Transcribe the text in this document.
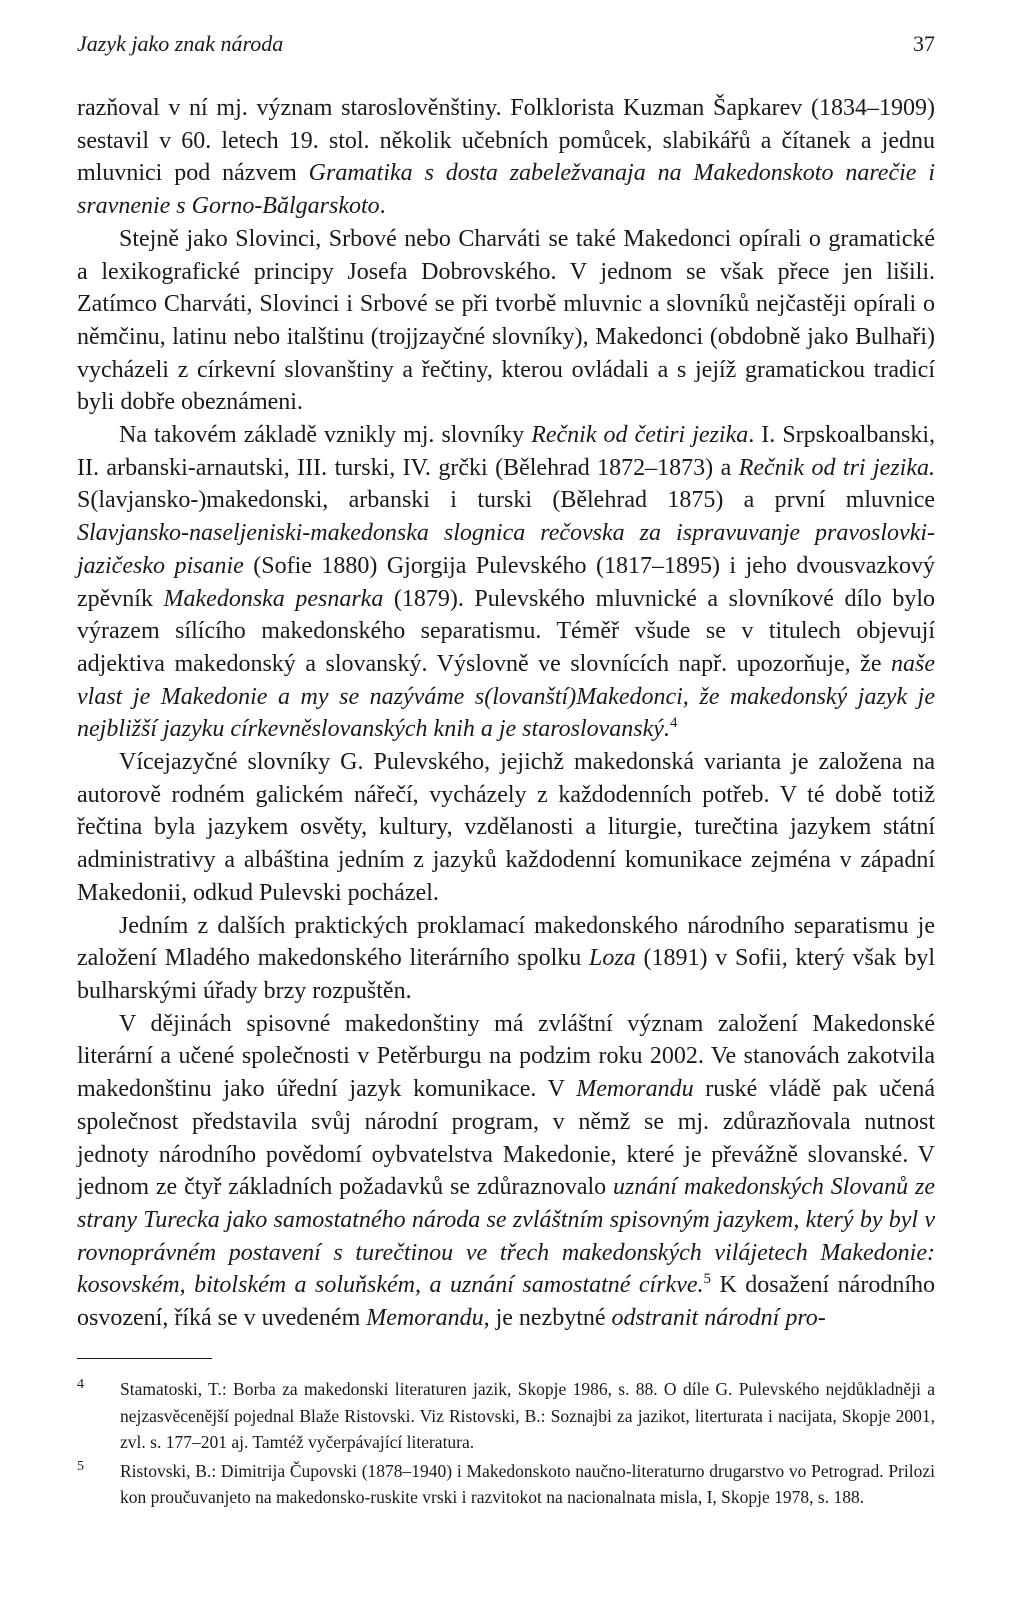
Jazyk jako znak národa	37

razňoval v ní mj. význam staroslověnštiny. Folklorista Kuzman Šapkarev (1834–1909) sestavil v 60. letech 19. stol. několik učebních pomůcek, slabikářů a čítanek a jednu mluvnici pod názvem Gramatika s dosta zabeležvanaja na Makedonskoto narečie i sravnenie s Gorno-Bălgarskoto.

Stejně jako Slovinci, Srbové nebo Charváti se také Makedonci opírali o gramatické a lexikografické principy Josefa Dobrovského. V jednom se však přece jen lišili. Zatímco Charváti, Slovinci i Srbové se při tvorbě mluvnic a slovníků nejčastěji opírali o němčinu, latinu nebo italštinu (trojjzayčné slovníky), Makedonci (obdobně jako Bulhaři) vycházeli z církevní slovanštiny a řečtiny, kterou ovládali a s jejíž gramatickou tradicí byli dobře obeznámeni.

Na takovém základě vznikly mj. slovníky Rečnik od četiri jezika. I. Srpskoalbanski, II. arbanski-arnautski, III. turski, IV. grčki (Bělehrad 1872–1873) a Rečnik od tri jezika. S(lavjansko-)makedonski, arbanski i turski (Bělehrad 1875) a první mluvnice Slavjansko-naseljeniski-makedonska slognica rečovska za ispravuvanje pravoslovki-jazičesko pisanie (Sofie 1880) Gjorgija Pulevského (1817–1895) i jeho dvousvazkový zpěvník Makedonska pesnarka (1879). Pulevského mluvnické a slovníkové dílo bylo výrazem sílícího makedonského separatismu. Téměř všude se v titulech objevují adjektiva makedonský a slovanský. Výslovně ve slovnících např. upozorňuje, že naše vlast je Makedonie a my se nazýváme s(lovanští)Makedonci, že makedonský jazyk je nejbližší jazyku církevněslovanských knih a je staroslovanský.$^4$

Vícejazyčné slovníky G. Pulevského, jejichž makedonská varianta je založena na autorově rodném galickém nářečí, vycházely z každodenních potřeb. V té době totiž řečtina byla jazykem osvěty, kultury, vzdělanosti a liturgie, turečtina jazykem státní administrativy a albáština jedním z jazyků každodenní komunikace zejména v západní Makedonii, odkud Pulevski pocházel.

Jedním z dalších praktických proklamací makedonského národního separatismu je založení Mladého makedonského literárního spolku Loza (1891) v Sofii, který však byl bulharskými úřady brzy rozpuštěn.

V dějinách spisovné makedonštiny má zvláštní význam založení Makedonské literární a učené společnosti v Petěrburgu na podzim roku 2002. Ve stanovách zakotvila makedonštinu jako úřední jazyk komunikace. V Memorandu ruské vládě pak učená společnost představila svůj národní program, v němž se mj. zdůrazňovala nutnost jednoty národního povědomí oybvatelstva Makedonie, které je převážně slovanské. V jednom ze čtyř základních požadavků se zdůraznovalo uznání makedonských Slovanů ze strany Turecka jako samostatného národa se zvláštním spisovným jazykem, který by byl v rovnoprávném postavení s turečtinou ve třech makedonských vilájetech Makedonie: kosovském, bitolském a soluňském, a uznání samostatné církve.$^5$ K dosažení národního osvození, říká se v uvedeném Memorandu, je nezbytné odstranit národní pro-

4	Stamatoski, T.: Borba za makedonski literaturen jazik, Skopje 1986, s. 88. O díle G. Pulevského nejdůkladněji a nejzasvěcenější pojednal Blaže Ristovski. Viz Ristovski, B.: Soznajbi za jazikot, literturata i nacijata, Skopje 2001, zvl. s. 177–201 aj. Tamtéž vyčerpávající literatura.
5	Ristovski, B.: Dimitrija Čupovski (1878–1940) i Makedonskoto naučno-literaturno drugarstvo vo Petrograd. Prilozi kon proučuvanjeto na makedonsko-ruskite vrski i razvitokot na nacionalnata misla, I, Skopje 1978, s. 188.
